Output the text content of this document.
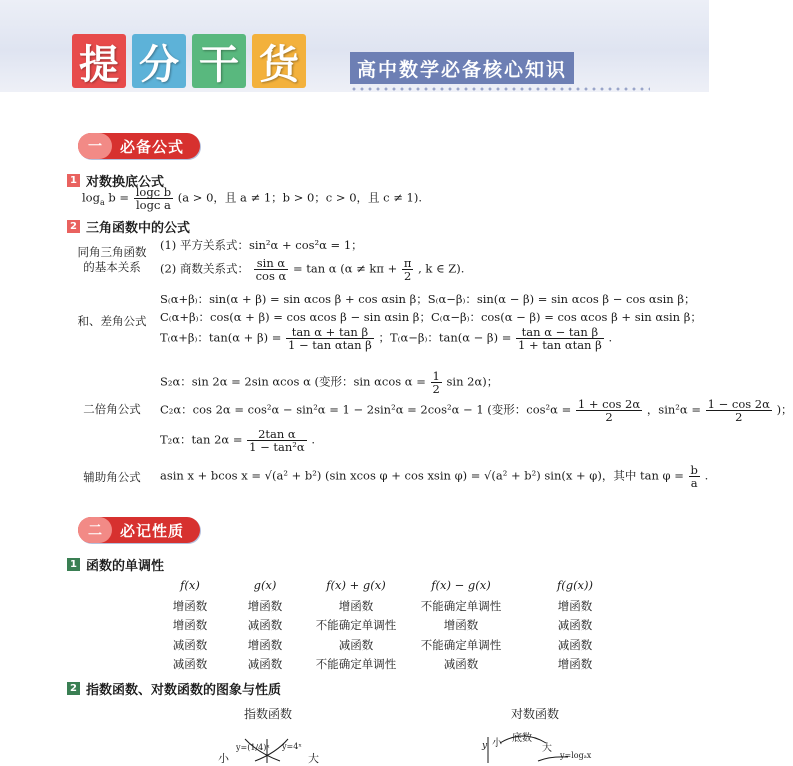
提 分 干 货	高中数学必备核心知识
一	必备公式
1 对数换底公式
$\log_a b = \frac{\text{logᴄ b}}{\text{logᴄ a}} (a > 0$，且 a ≠ 1；b > 0；c > 0，且 c ≠ 1).
2 三角函数中的公式
同角三角函数
的基本关系
(1) 平方关系式：sin²α + cos²α = 1；
(2) 商数关系式： $\frac{\text{sin α}}{\text{cos α}} = \tan \alpha$ ($\alpha \ne k\pi + \frac{\pi}{2}$ , k ∈ Z).
和、差角公式
S₍α+β₎：sin(α + β) = sin αcos β + cos αsin β；S₍α−β₎：sin(α − β) = sin αcos β − cos αsin β；
C₍α+β₎：cos(α + β) = cos αcos β − sin αsin β；C₍α−β₎：cos(α − β) = cos αcos β + sin αsin β；
T₍α+β₎：$\tan(\alpha + \beta) = \frac{\text{tan α + tan β}}{\text{1 − tan αtan β}}$ ；T₍α−β₎：$\tan(\alpha - \beta) = \frac{\text{tan α − tan β}}{\text{1 + tan αtan β}}$ .
二倍角公式
S₂α：sin 2α = 2sin αcos α (变形：sin αcos $\alpha = \frac{1}{2}$ sin 2α)；
C₂α：cos 2α = cos²α − sin²α = 1 − 2sin²α = 2cos²α − 1 (变形：$\cos^2\alpha = \frac{1 + \cos 2\alpha}{2}$ ，$\sin^2\alpha = \frac{1 - \cos 2\alpha}{2}$ )；
T₂α：$\tan 2\alpha = \frac{\text{2tan α}}{\text{1 − tan²α}}$ .
辅助角公式	asin x + bcos x = √(a² + b²) (sin xcos φ + cos xsin φ) = √(a² + b²) sin(x + φ)，其中 $\tan \varphi = \frac{b}{a}$ .
二	必记性质
1 函数的单调性
f(x)	g(x)	f(x) + g(x)	f(x) − g(x)	f(g(x))
增函数	增函数	增函数	不能确定单调性	增函数
增函数	减函数	不能确定单调性	增函数	减函数
减函数	增函数	减函数	不能确定单调性	减函数
减函数	减函数	不能确定单调性	减函数	增函数
2 指数函数、对数函数的图象与性质
指数函数	对数函数
小
y=(1/4)ˣ y=4ˣ
大
y 小 底数
大
y=logₐx
